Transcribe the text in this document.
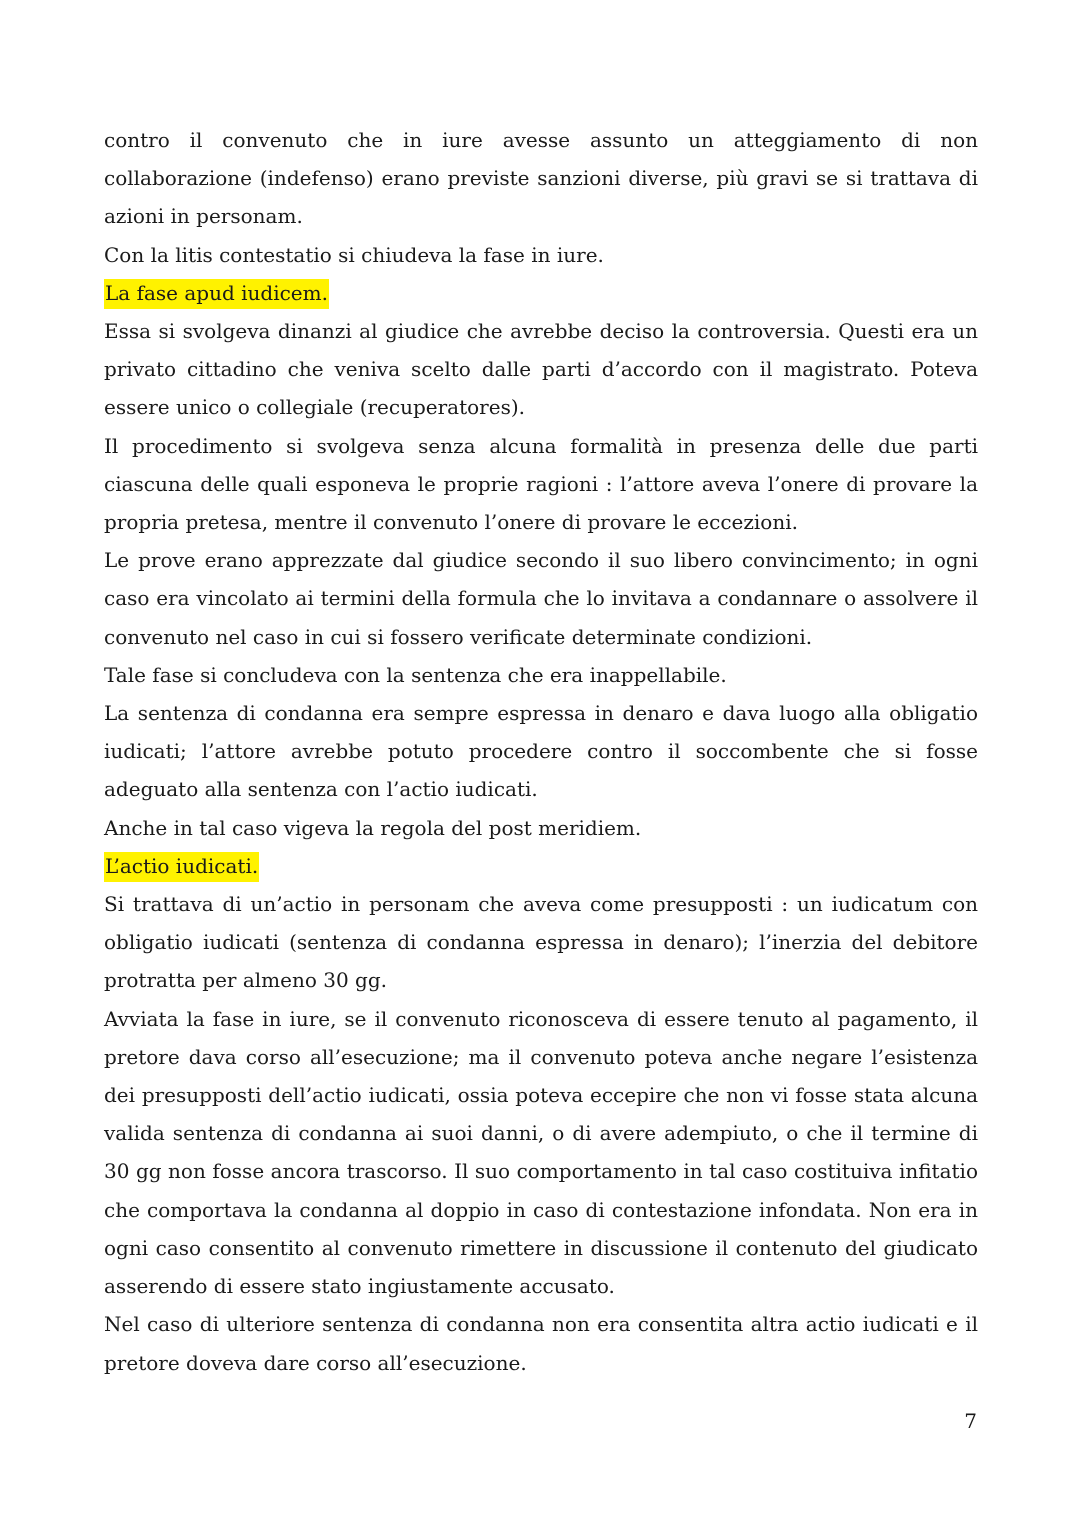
contro il convenuto che in iure avesse assunto un atteggiamento di non collaborazione (indefenso) erano previste sanzioni diverse, più gravi se si trattava di azioni in personam.

Con la litis contestatio si chiudeva la fase in iure.

La fase apud iudicem.

Essa si svolgeva dinanzi al giudice che avrebbe deciso la controversia. Questi era un privato cittadino che veniva scelto dalle parti d’accordo con il magistrato. Poteva essere unico o collegiale (recuperatores).

Il procedimento si svolgeva senza alcuna formalità in presenza delle due parti ciascuna delle quali esponeva le proprie ragioni : l’attore aveva l’onere di provare la propria pretesa, mentre il convenuto l’onere di provare le eccezioni.

Le prove erano apprezzate dal giudice secondo il suo libero convincimento; in ogni caso era vincolato ai termini della formula che lo invitava a condannare o assolvere il convenuto nel caso in cui si fossero verificate determinate condizioni.

Tale fase si concludeva con la sentenza che era inappellabile.

La sentenza di condanna era sempre espressa in denaro e dava luogo alla obligatio iudicati; l’attore avrebbe potuto procedere contro il soccombente che si fosse adeguato alla sentenza con l’actio iudicati.

Anche in tal caso vigeva la regola del post meridiem.

L’actio iudicati.

Si trattava di un’actio in personam che aveva come presupposti : un iudicatum con obligatio iudicati (sentenza di condanna espressa in denaro); l’inerzia del debitore protratta per almeno 30 gg.

Avviata la fase in iure, se il convenuto riconosceva di essere tenuto al pagamento, il pretore dava corso all’esecuzione; ma il convenuto poteva anche negare l’esistenza dei presupposti dell’actio iudicati, ossia poteva eccepire che non vi fosse stata alcuna valida sentenza di condanna ai suoi danni, o di avere adempiuto, o che il termine di 30 gg non fosse ancora trascorso. Il suo comportamento in tal caso costituiva infitatio che comportava la condanna al doppio in caso di contestazione infondata. Non era in ogni caso consentito al convenuto rimettere in discussione il contenuto del giudicato asserendo di essere stato ingiustamente accusato.

Nel caso di ulteriore sentenza di condanna non era consentita altra actio iudicati e il pretore doveva dare corso all’esecuzione.

7
